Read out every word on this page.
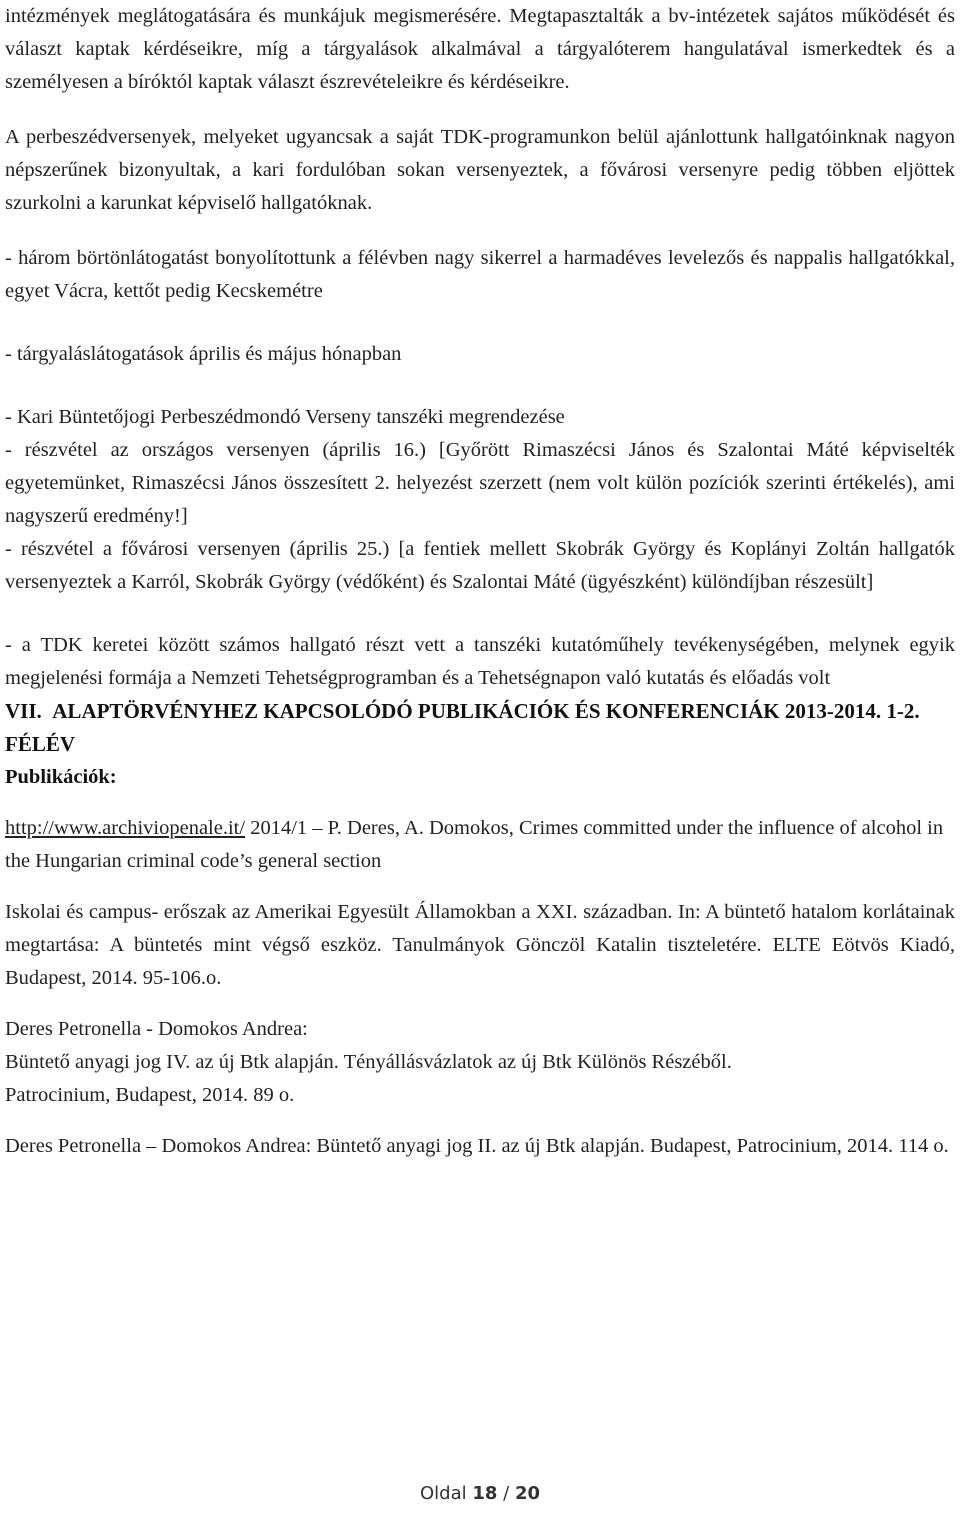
intézmények meglátogatására és munkájuk megismerésére. Megtapasztalták a bv-intézetek sajátos működését és választ kaptak kérdéseikre, míg a tárgyalások alkalmával a tárgyalóterem hangulatával ismerkedtek és a személyesen a bíróktól kaptak választ észrevételeikre és kérdéseikre.

A perbeszédversenyek, melyeket ugyancsak a saját TDK-programunkon belül ajánlottunk hallgatóinknak nagyon népszerűnek bizonyultak, a kari fordulóban sokan versenyeztek, a fővárosi versenyre pedig többen eljöttek szurkolni a karunkat képviselő hallgatóknak.

- három börtönlátogatást bonyolítottunk a félévben nagy sikerrel a harmadéves levelezős és nappalis hallgatókkal, egyet Vácra, kettőt pedig Kecskemétre

- tárgyaláslátogatások április és május hónapban

- Kari Büntetőjogi Perbeszédmondó Verseny tanszéki megrendezése

- részvétel az országos versenyen (április 16.) [Győrött Rimaszécsi János és Szalontai Máté képviselték egyetemünket, Rimaszécsi János összesített 2. helyezést szerzett (nem volt külön pozíciók szerinti értékelés), ami nagyszerű eredmény!]

- részvétel a fővárosi versenyen (április 25.) [a fentiek mellett Skobrák György és Koplányi Zoltán hallgatók versenyeztek a Karról, Skobrák György (védőként) és Szalontai Máté (ügyészként) különdíjban részesült]

- a TDK keretei között számos hallgató részt vett a tanszéki kutatóműhely tevékenységében, melynek egyik megjelenési formája a Nemzeti Tehetségprogramban és a Tehetségnapon való kutatás és előadás volt

VII. ALAPTÖRVÉNYHEZ KAPCSOLÓDÓ PUBLIKÁCIÓK ÉS KONFERENCIÁK 2013-2014. 1-2. FÉLÉV

Publikációk:

http://www.archiviopenale.it/ 2014/1 – P. Deres, A. Domokos, Crimes committed under the influence of alcohol in the Hungarian criminal code’s general section

Iskolai és campus- erőszak az Amerikai Egyesült Államokban a XXI. században. In: A büntető hatalom korlátainak megtartása: A büntetés mint végső eszköz. Tanulmányok Gönczöl Katalin tiszteletére. ELTE Eötvös Kiadó, Budapest, 2014. 95-106.o.

Deres Petronella - Domokos Andrea:
Büntető anyagi jog IV. az új Btk alapján. Tényállásvázlatok az új Btk Különös Részéből.
Patrocinium, Budapest, 2014. 89 o.

Deres Petronella – Domokos Andrea: Büntető anyagi jog II. az új Btk alapján. Budapest, Patrocinium, 2014. 114 o.

Oldal 18 / 20
